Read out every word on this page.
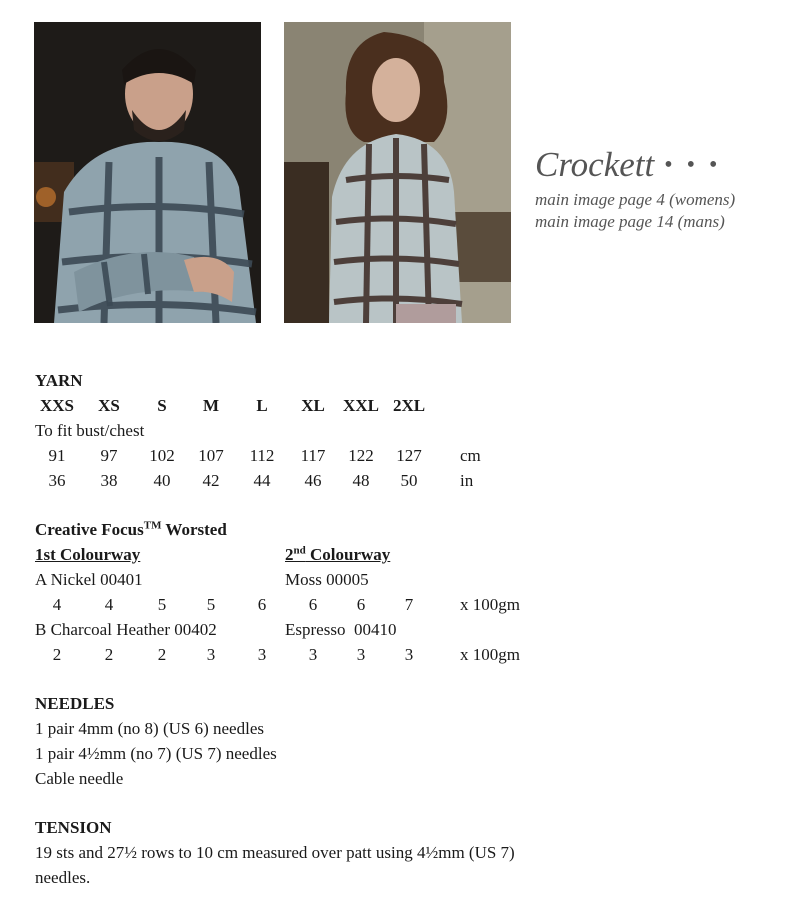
Crockett • • •
main image page 4 (womens)
main image page 14 (mans)
YARN
XXS	XS	S	M	L	XL	XXL 2XL
To fit bust/chest
91	97	102	107	112	117	122	127	cm
36	38	40	42	44	46	48	50	in
Creative Focus™ Worsted
1st Colourway	2nd Colourway
A Nickel 00401	Moss 00005
4	4	5	5	6	6	6	7	x 100gm
B Charcoal Heather 00402	Espresso  00410
2	2	2	3	3	3	3	3	x 100gm
NEEDLES
1 pair 4mm (no 8) (US 6) needles
1 pair 4½mm (no 7) (US 7) needles
Cable needle
TENSION
19 sts and 27½ rows to 10 cm measured over patt using 4½mm (US 7)
needles.
